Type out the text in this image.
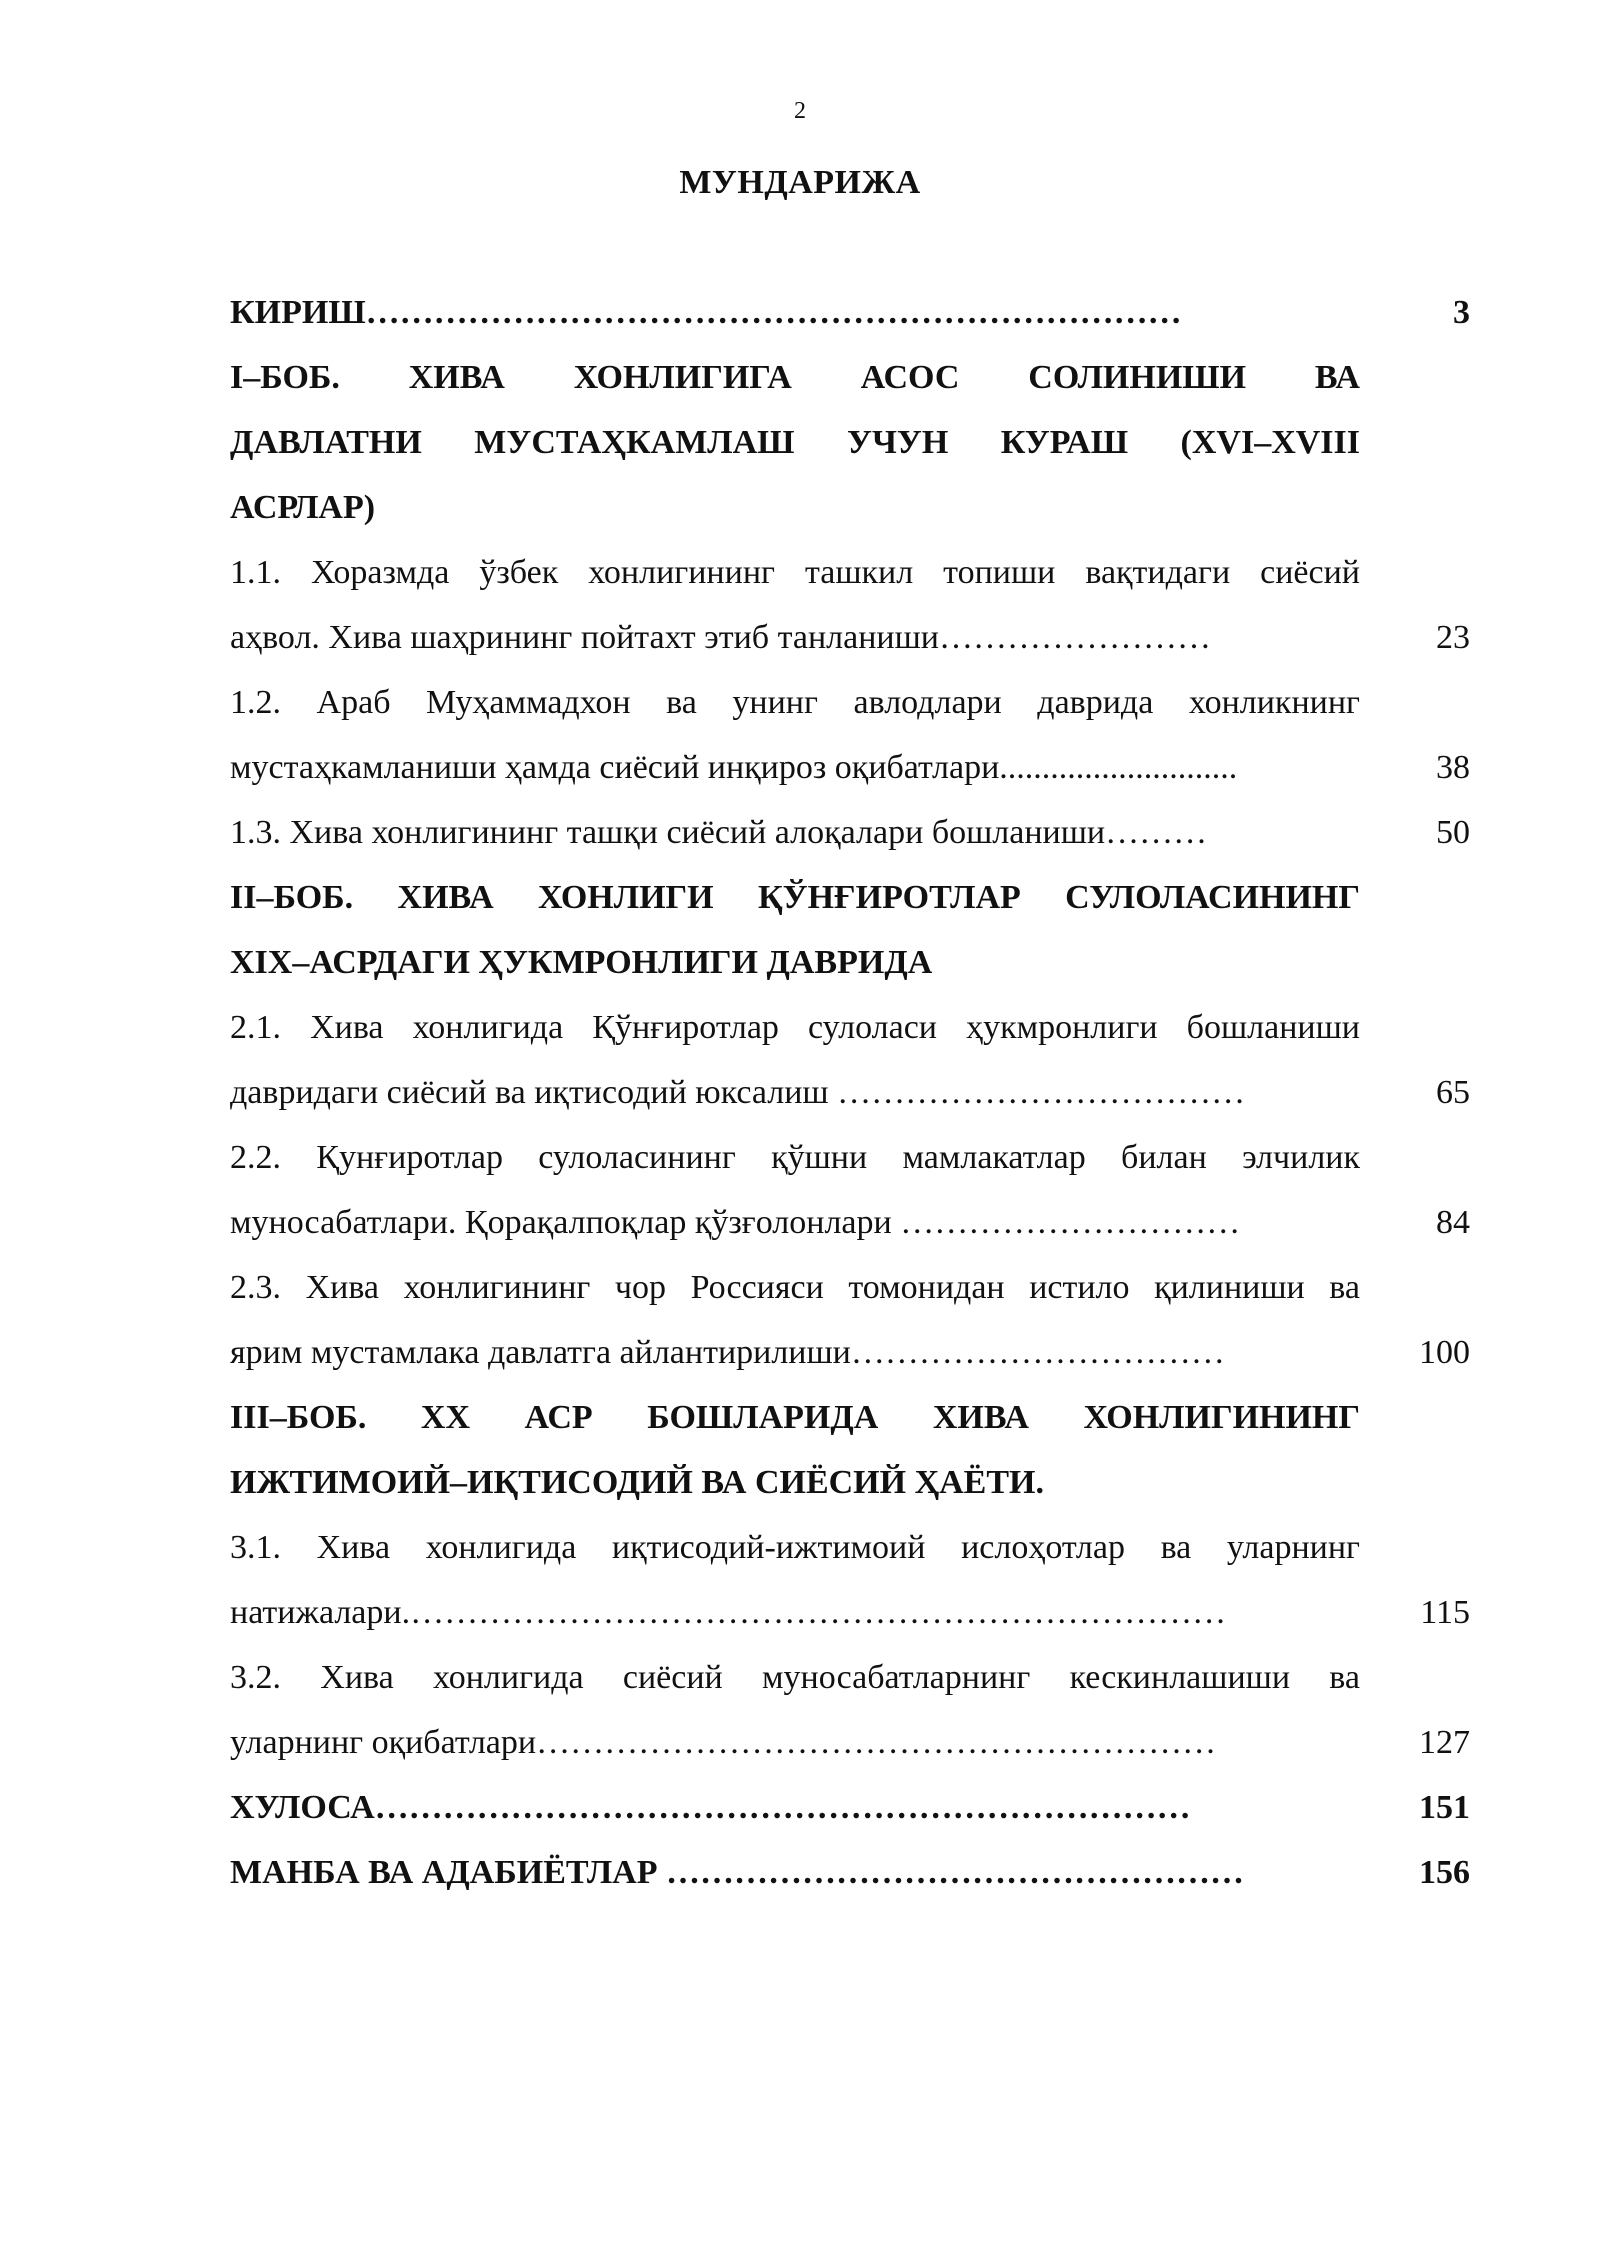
2
МУНДАРИЖА
КИРИШ………………………………………………………………	3
I–БОБ. ХИВА ХОНЛИГИГА АСОС СОЛИНИШИ ВА
ДАВЛАТНИ МУСТАҲКАМЛАШ УЧУН КУРАШ (XVI–XVIII
АСРЛАР)
1.1. Хоразмда ўзбек хонлигининг ташкил топиши вақтидаги сиёсий
аҳвол. Хива шаҳрининг пойтахт этиб танланиши……………………	23
1.2. Араб Муҳаммадхон ва унинг авлодлари даврида хонликнинг
мустаҳкамланиши ҳамда сиёсий инқироз оқибатлари............................	38
1.3. Хива хонлигининг ташқи сиёсий алоқалари бошланиши………	50
II–БОБ. ХИВА ХОНЛИГИ ҚЎНҒИРОТЛАР СУЛОЛАСИНИНГ
XIX–АСРДАГИ ҲУКМРОНЛИГИ ДАВРИДА
2.1. Хива хонлигида Қўнғиротлар сулоласи ҳукмронлиги бошланиши
давридаги сиёсий ва иқтисодий юксалиш ………………………………	65
2.2. Қунғиротлар сулоласининг қўшни мамлакатлар билан элчилик
муносабатлари. Қорақалпоқлар қўзғолонлари …………………………	84
2.3. Хива хонлигининг чор Россияси томонидан истило қилиниши ва
ярим мустамлака давлатга айлантирилиши……………………………	100
III–БОБ. XX АСР БОШЛАРИДА ХИВА ХОНЛИГИНИНГ
ИЖТИМОИЙ–ИҚТИСОДИЙ ВА СИЁСИЙ ҲАЁТИ.
3.1. Хива хонлигида иқтисодий-ижтимоий ислоҳотлар ва уларнинг
натижалари.………………………………………………………………	115
3.2. Хива хонлигида сиёсий муносабатларнинг кескинлашиши ва
уларнинг оқибатлари……………………………………………………	127
ХУЛОСА………………………………………………………………	151
МАНБА ВА АДАБИЁТЛАР ……………………………………………	156
